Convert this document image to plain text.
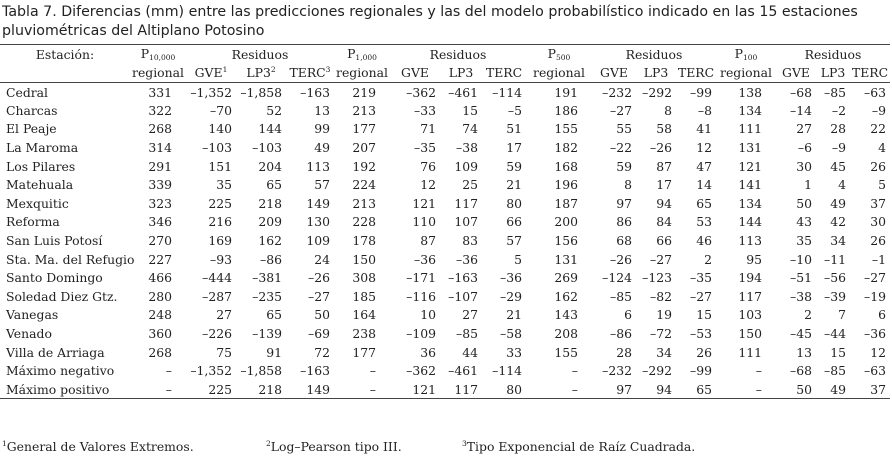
Tabla 7. Diferencias (mm) entre las predicciones regionales y las del modelo probabilístico indicado en las 15 estaciones pluviométricas del Altiplano Potosino
Estación:	$P_{10,000}$	Residuos			$P_{1,000}$	Residuos			$P_{500}$	Residuos			$P_{100}$	Residuos		
	regional	GVE$^1$	$LP3^2$	TERC$^3$	regional	GVE	LP3	TERC	regional	GVE	LP3	TERC	regional	GVE	LP3	TERC
Cedral	331	–1,352	–1,858	–163	219	–362	–461	–114	191	–232	–292	–99	138	–68	–85	–63
Charcas	322	–70	52	13	213	–33	15	–5	186	–27	8	–8	134	–14	–2	–9
El Peaje	268	140	144	99	177	71	74	51	155	55	58	41	111	27	28	22
La Maroma	314	–103	–103	49	207	–35	–38	17	182	–22	–26	12	131	–6	–9	4
Los Pilares	291	151	204	113	192	76	109	59	168	59	87	47	121	30	45	26
Matehuala	339	35	65	57	224	12	25	21	196	8	17	14	141	1	4	5
Mexquitic	323	225	218	149	213	121	117	80	187	97	94	65	134	50	49	37
Reforma	346	216	209	130	228	110	107	66	200	86	84	53	144	43	42	30
San Luis Potosí	270	169	162	109	178	87	83	57	156	68	66	46	113	35	34	26
Sta. Ma. del Refugio	227	–93	–86	24	150	–36	–36	5	131	–26	–27	2	95	–10	–11	–1
Santo Domingo	466	–444	–381	–26	308	–171	–163	–36	269	–124	–123	–35	194	–51	–56	–27
Soledad Diez Gtz.	280	–287	–235	–27	185	–116	–107	–29	162	–85	–82	–27	117	–38	–39	–19
Vanegas	248	27	65	50	164	10	27	21	143	6	19	15	103	2	7	6
Venado	360	–226	–139	–69	238	–109	–85	–58	208	–86	–72	–53	150	–45	–44	–36
Villa de Arriaga	268	75	91	72	177	36	44	33	155	28	34	26	111	13	15	12
Máximo negativo	–	–1,352	–1,858	–163	–	–362	–461	–114	–	–232	–292	–99	–	–68	–85	–63
Máximo positivo	–	225	218	149	–	121	117	80	–	97	94	65	–	50	49	37
$^1$General de Valores Extremos.	$^2$Log–Pearson tipo III.	$^3$Tipo Exponencial de Raíz Cuadrada.
